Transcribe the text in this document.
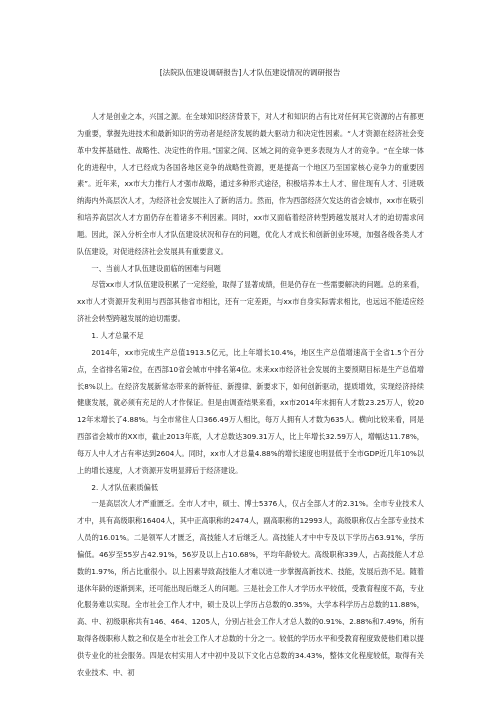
[法院队伍建设调研报告]人才队伍建设情况的调研报告

人才是创业之本，兴国之源。在全球知识经济背景下，对人才和知识的占有比对任何其它资源的占有都更为重要，掌握先进技术和最新知识的劳动者是经济发展的最大驱动力和决定性因素。“人才资源在经济社会变革中发挥基础性、战略性、决定性的作用。”国家之间、区域之间的竞争更多表现为人才的竞争。“在全球一体化的进程中，人才已经成为各国各地区竞争的战略性资源，更是提高一个地区乃至国家核心竞争力的重要因素”。近年来，xx市大力推行人才强市战略，通过多种形式途径，积极培养本土人才、留住现有人才、引进吸纳海内外高层次人才，为经济社会发展注入了新的活力。然而，作为西部经济欠发达的省会城市，xx市在吸引和培养高层次人才方面仍存在着诸多不利因素。同时，xx市又面临着经济转型跨越发展对人才的迫切需求问题。因此，深入分析全市人才队伍建设状况和存在的问题，优化人才成长和创新创业环境，加强各级各类人才队伍建设，对促进经济社会发展具有重要意义。

一、当前人才队伍建设面临的困难与问题

尽管xx市人才队伍建设积累了一定经验，取得了显著成绩，但是仍存在一些需要解决的问题。总的来看，xx市人才资源开发利用与西部其他省市相比，还有一定差距，与xx市自身实际需求相比，也远远不能适应经济社会转型跨越发展的迫切需要。

1. 人才总量不足

2014年，xx市完成生产总值1913.5亿元，比上年增长10.4%，地区生产总值增速高于全省1.5个百分点，全省排名第2位，在西部10省会城市中排名第4位。未来xx市经济社会发展的主要预期目标是生产总值增长8%以上。在经济发展新常态带来的新特征、新搜律、新要求下，如何创新驱动，提质增效，实现经济持续健康发展，就必须有充足的人才作保证。但是由调查结果来看，xx市2014年末拥有人才数23.25万人，较2012年末增长了4.88%。与全市常住人口366.49万人相比，每万人拥有人才数为635人。横向比较来看，同是西部省会城市的XX市，截止2013年底，人才总数达309.31万人，比上年增长32.59万人，增幅达11.78%，每万人中人才占有率达到2604人。同时，xx市人才总量4.88%的增长速度也明显低于全市GDP近几年10%以上的增长速度，人才资源开发明显滞后于经济建设。

2. 人才队伍素质偏低

一是高层次人才严重匮乏。全市人才中，硕士、博士5376人，仅占全部人才的2.31%。全市专业技术人才中，具有高级职称16404人，其中正高职称的2474人，副高职称的12993人，高级职称仅占全部专业技术人员的16.01%。二是领军人才匮乏，高技能人才后继乏人。高技能人才中中专及以下学历占63.91%，学历偏低。46岁至55岁占42.91%，56岁及以上占10.68%，平均年龄较大。高级职称339人，占高技能人才总数的1.97%，所占比重很小。以上因素导致高技能人才难以进一步掌握高新技术、技能，发展后劲不足。随着退休年龄的逐渐到来，还可能出现后继乏人的问题。三是社会工作人才学历水平较低，受教育程度不高，专业化服务难以实现。全市社会工作人才中，硕士及以上学历占总数的0.35%，大学本科学历占总数的11.88%，高、中、初级职称共有146、464、1205人，分别占社会工作人才总人数的0.91%、2.88%和7.49%，所有取得各级职称人数之和仅是全市社会工作人才总数的十分之一。较低的学历水平和受教育程度致使他们难以提供专业化的社会服务。四是农村实用人才中初中及以下文化占总数的34.43%，整体文化程度较低，取得有关农业技术、中、初
